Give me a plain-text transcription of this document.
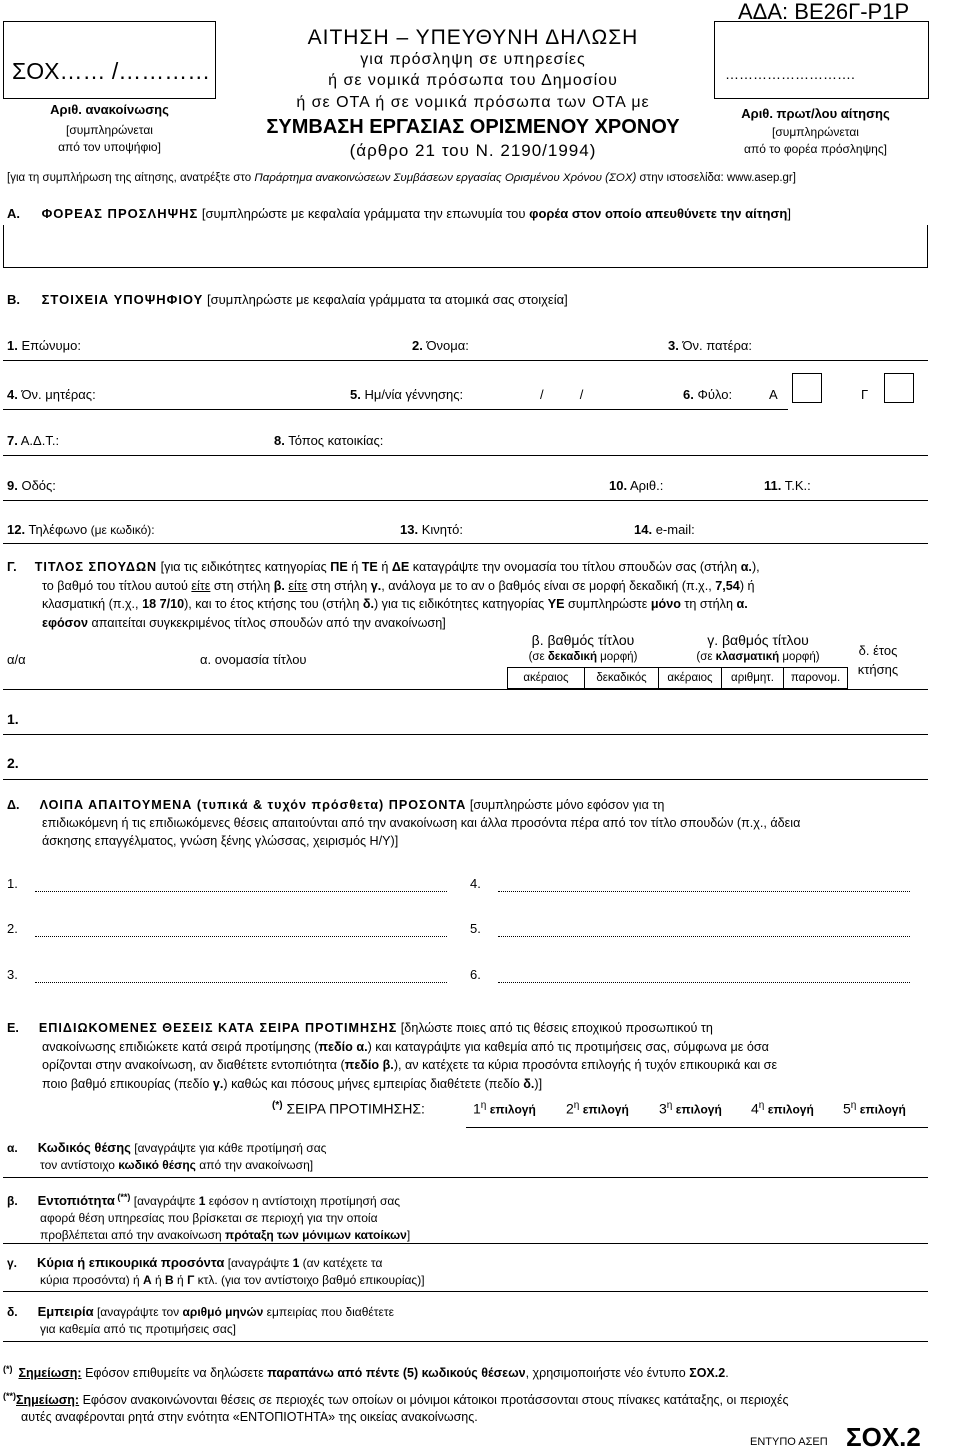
ΣΟΧ…… /…………
Αριθ. ανακοίνωσης
[συμπληρώνεται
από τον υποψήφιο]
ΑΙΤΗΣΗ – ΥΠΕΥΘΥΝΗ ΔΗΛΩΣΗ
για πρόσληψη σε υπηρεσίες
ή σε νομικά πρόσωπα του Δημοσίου
ή σε ΟΤΑ ή σε νομικά πρόσωπα των ΟΤΑ με
ΣΥΜΒΑΣΗ ΕΡΓΑΣΙΑΣ ΟΡΙΣΜΕΝΟΥ ΧΡΟΝΟΥ
(άρθρο 21 του Ν. 2190/1994)
ΑΔΑ: ΒΕ26Γ-Ρ1Ρ
……………………….
Αριθ. πρωτ/λου αίτησης
[συμπληρώνεται
από το φορέα πρόσληψης]
[για τη συμπλήρωση της αίτησης, ανατρέξτε στο Παράρτημα ανακοινώσεων Συμβάσεων εργασίας Ορισμένου Χρόνου (ΣΟΧ) στην ιστοσελίδα: www.asep.gr]
Α. ΦΟΡΕΑΣ ΠΡΟΣΛΗΨΗΣ [συμπληρώστε με κεφαλαία γράμματα την επωνυμία του φορέα στον οποίο απευθύνετε την αίτηση]
Β. ΣΤΟΙΧΕΙΑ ΥΠΟΨΗΦΙΟΥ [συμπληρώστε με κεφαλαία γράμματα τα ατομικά σας στοιχεία]
1. Επώνυμο:	2. Όνομα:	3. Όν. πατέρα:
4. Όν. μητέρας:	5. Ημ/νία γέννησης:	/          /	6. Φύλο:	Α	Γ
7. Α.Δ.Τ.:	8. Τόπος κατοικίας:
9. Οδός:	10. Αριθ.:	11. Τ.Κ.:
12. Τηλέφωνο (με κωδικό):	13. Κινητό:	14. e-mail:
Γ. ΤΙΤΛΟΣ ΣΠΟΥΔΩΝ [για τις ειδικότητες κατηγορίας ΠΕ ή ΤΕ ή ΔΕ καταγράψτε την ονομασία του τίτλου σπουδών σας (στήλη α.),
το βαθμό του τίτλου αυτού είτε στη στήλη β. είτε στη στήλη γ., ανάλογα με το αν ο βαθμός είναι σε μορφή δεκαδική (π.χ., 7,54) ή
κλασματική (π.χ., 18 7/10), και το έτος κτήσης του (στήλη δ.) για τις ειδικότητες κατηγορίας ΥΕ συμπληρώστε μόνο τη στήλη α.
εφόσον απαιτείται συγκεκριμένος τίτλος σπουδών από την ανακοίνωση]
α/α	α. ονομασία τίτλου
β. βαθμός τίτλου
(σε δεκαδική μορφή)
γ. βαθμός τίτλου
(σε κλασματική μορφή)	δ. έτος κτήσης
ακέραιος	δεκαδικός	ακέραιος	αριθμητ.	παρονομ.
1.
2.
Δ. ΛΟΙΠΑ ΑΠΑΙΤΟΥΜΕΝΑ (τυπικά & τυχόν πρόσθετα) ΠΡΟΣΟΝΤΑ [συμπληρώστε μόνο εφόσον για τη
επιδιωκόμενη ή τις επιδιωκόμενες θέσεις απαιτούνται από την ανακοίνωση και άλλα προσόντα πέρα από τον τίτλο σπουδών (π.χ., άδεια
άσκησης επαγγέλματος, γνώση ξένης γλώσσας, χειρισμός Η/Υ)]
1.	4.
2.	5.
3.	6.
Ε. ΕΠΙΔΙΩΚΟΜΕΝΕΣ ΘΕΣΕΙΣ ΚΑΤΑ ΣΕΙΡΑ ΠΡΟΤΙΜΗΣΗΣ [δηλώστε ποιες από τις θέσεις εποχικού προσωπικού τη
ανακοίνωσης επιδιώκετε κατά σειρά προτίμησης (πεδίο α.) και καταγράψτε για καθεμία από τις προτιμήσεις σας, σύμφωνα με όσα
ορίζονται στην ανακοίνωση, αν διαθέτετε εντοπιότητα (πεδίο β.), αν κατέχετε τα κύρια προσόντα επιλογής ή τυχόν επικουρικά και σε
ποιο βαθμό επικουρίας (πεδίο γ.) καθώς και πόσους μήνες εμπειρίας διαθέτετε (πεδίο δ.)]
(*) ΣΕΙΡΑ ΠΡΟΤΙΜΗΣΗΣ:	$1^\eta$ επιλογή $2^\eta$ επιλογή $3^\eta$ επιλογή $4^\eta$ επιλογή $5^\eta$ επιλογή
α. Κωδικός θέσης [αναγράψτε για κάθε προτίμησή σας
τον αντίστοιχο κωδικό θέσης από την ανακοίνωση]
β. Εντοπιότητα (**) [αναγράψτε 1 εφόσον η αντίστοιχη προτίμησή σας
αφορά θέση υπηρεσίας που βρίσκεται σε περιοχή για την οποία
προβλέπεται από την ανακοίνωση πρόταξη των μόνιμων κατοίκων]
γ. Κύρια ή επικουρικά προσόντα [αναγράψτε 1 (αν κατέχετε τα
κύρια προσόντα) ή Α ή Β ή Γ κτλ. (για τον αντίστοιχο βαθμό επικουρίας)]
δ. Εμπειρία [αναγράψτε τον αριθμό μηνών εμπειρίας που διαθέτετε
για καθεμία από τις προτιμήσεις σας]
(*) Σημείωση: Εφόσον επιθυμείτε να δηλώσετε παραπάνω από πέντε (5) κωδικούς θέσεων, χρησιμοποιήστε νέο έντυπο ΣΟΧ.2.
(**)Σημείωση: Εφόσον ανακοινώνονται θέσεις σε περιοχές των οποίων οι μόνιμοι κάτοικοι προτάσσονται στους πίνακες κατάταξης, οι περιοχές
αυτές αναφέρονται ρητά στην ενότητα «ΕΝΤΟΠΙΟΤΗΤΑ» της οικείας ανακοίνωσης.
ΕΝΤΥΠΟ ΑΣΕΠ ΣΟΧ.2
